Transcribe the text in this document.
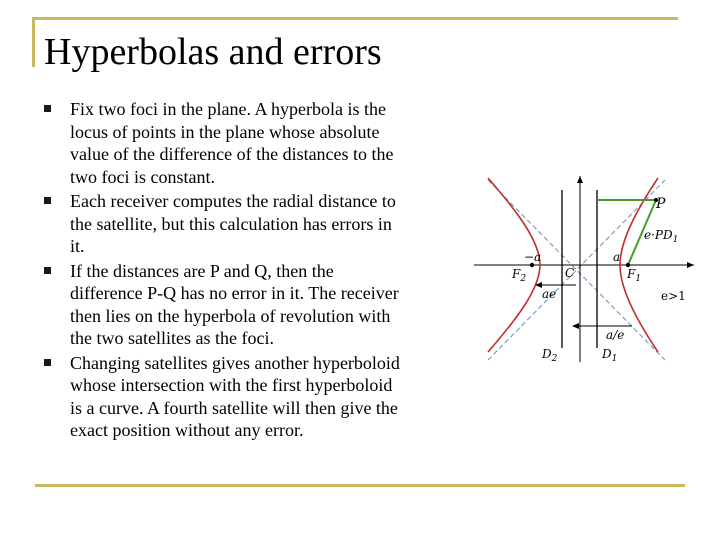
Hyperbolas and errors
Fix two foci in the plane. A hyperbola is the locus of points in the plane whose absolute value of the difference of the distances to the two foci is constant.
Each receiver computes the radial distance to the satellite, but this calculation has errors in it.
If the distances are P and Q, then the difference P-Q has no error in it. The receiver then lies on the hyperbola of revolution with the two satellites as the foci.
Changing satellites gives another hyperboloid whose intersection with the first hyperboloid is a curve. A fourth satellite will then give the exact position without any error.
P
$e\cdot PD_1$
−a	a
$F_2$	C	$F_1$
ae	e>1
a/e
$D_2$	$D_1$
